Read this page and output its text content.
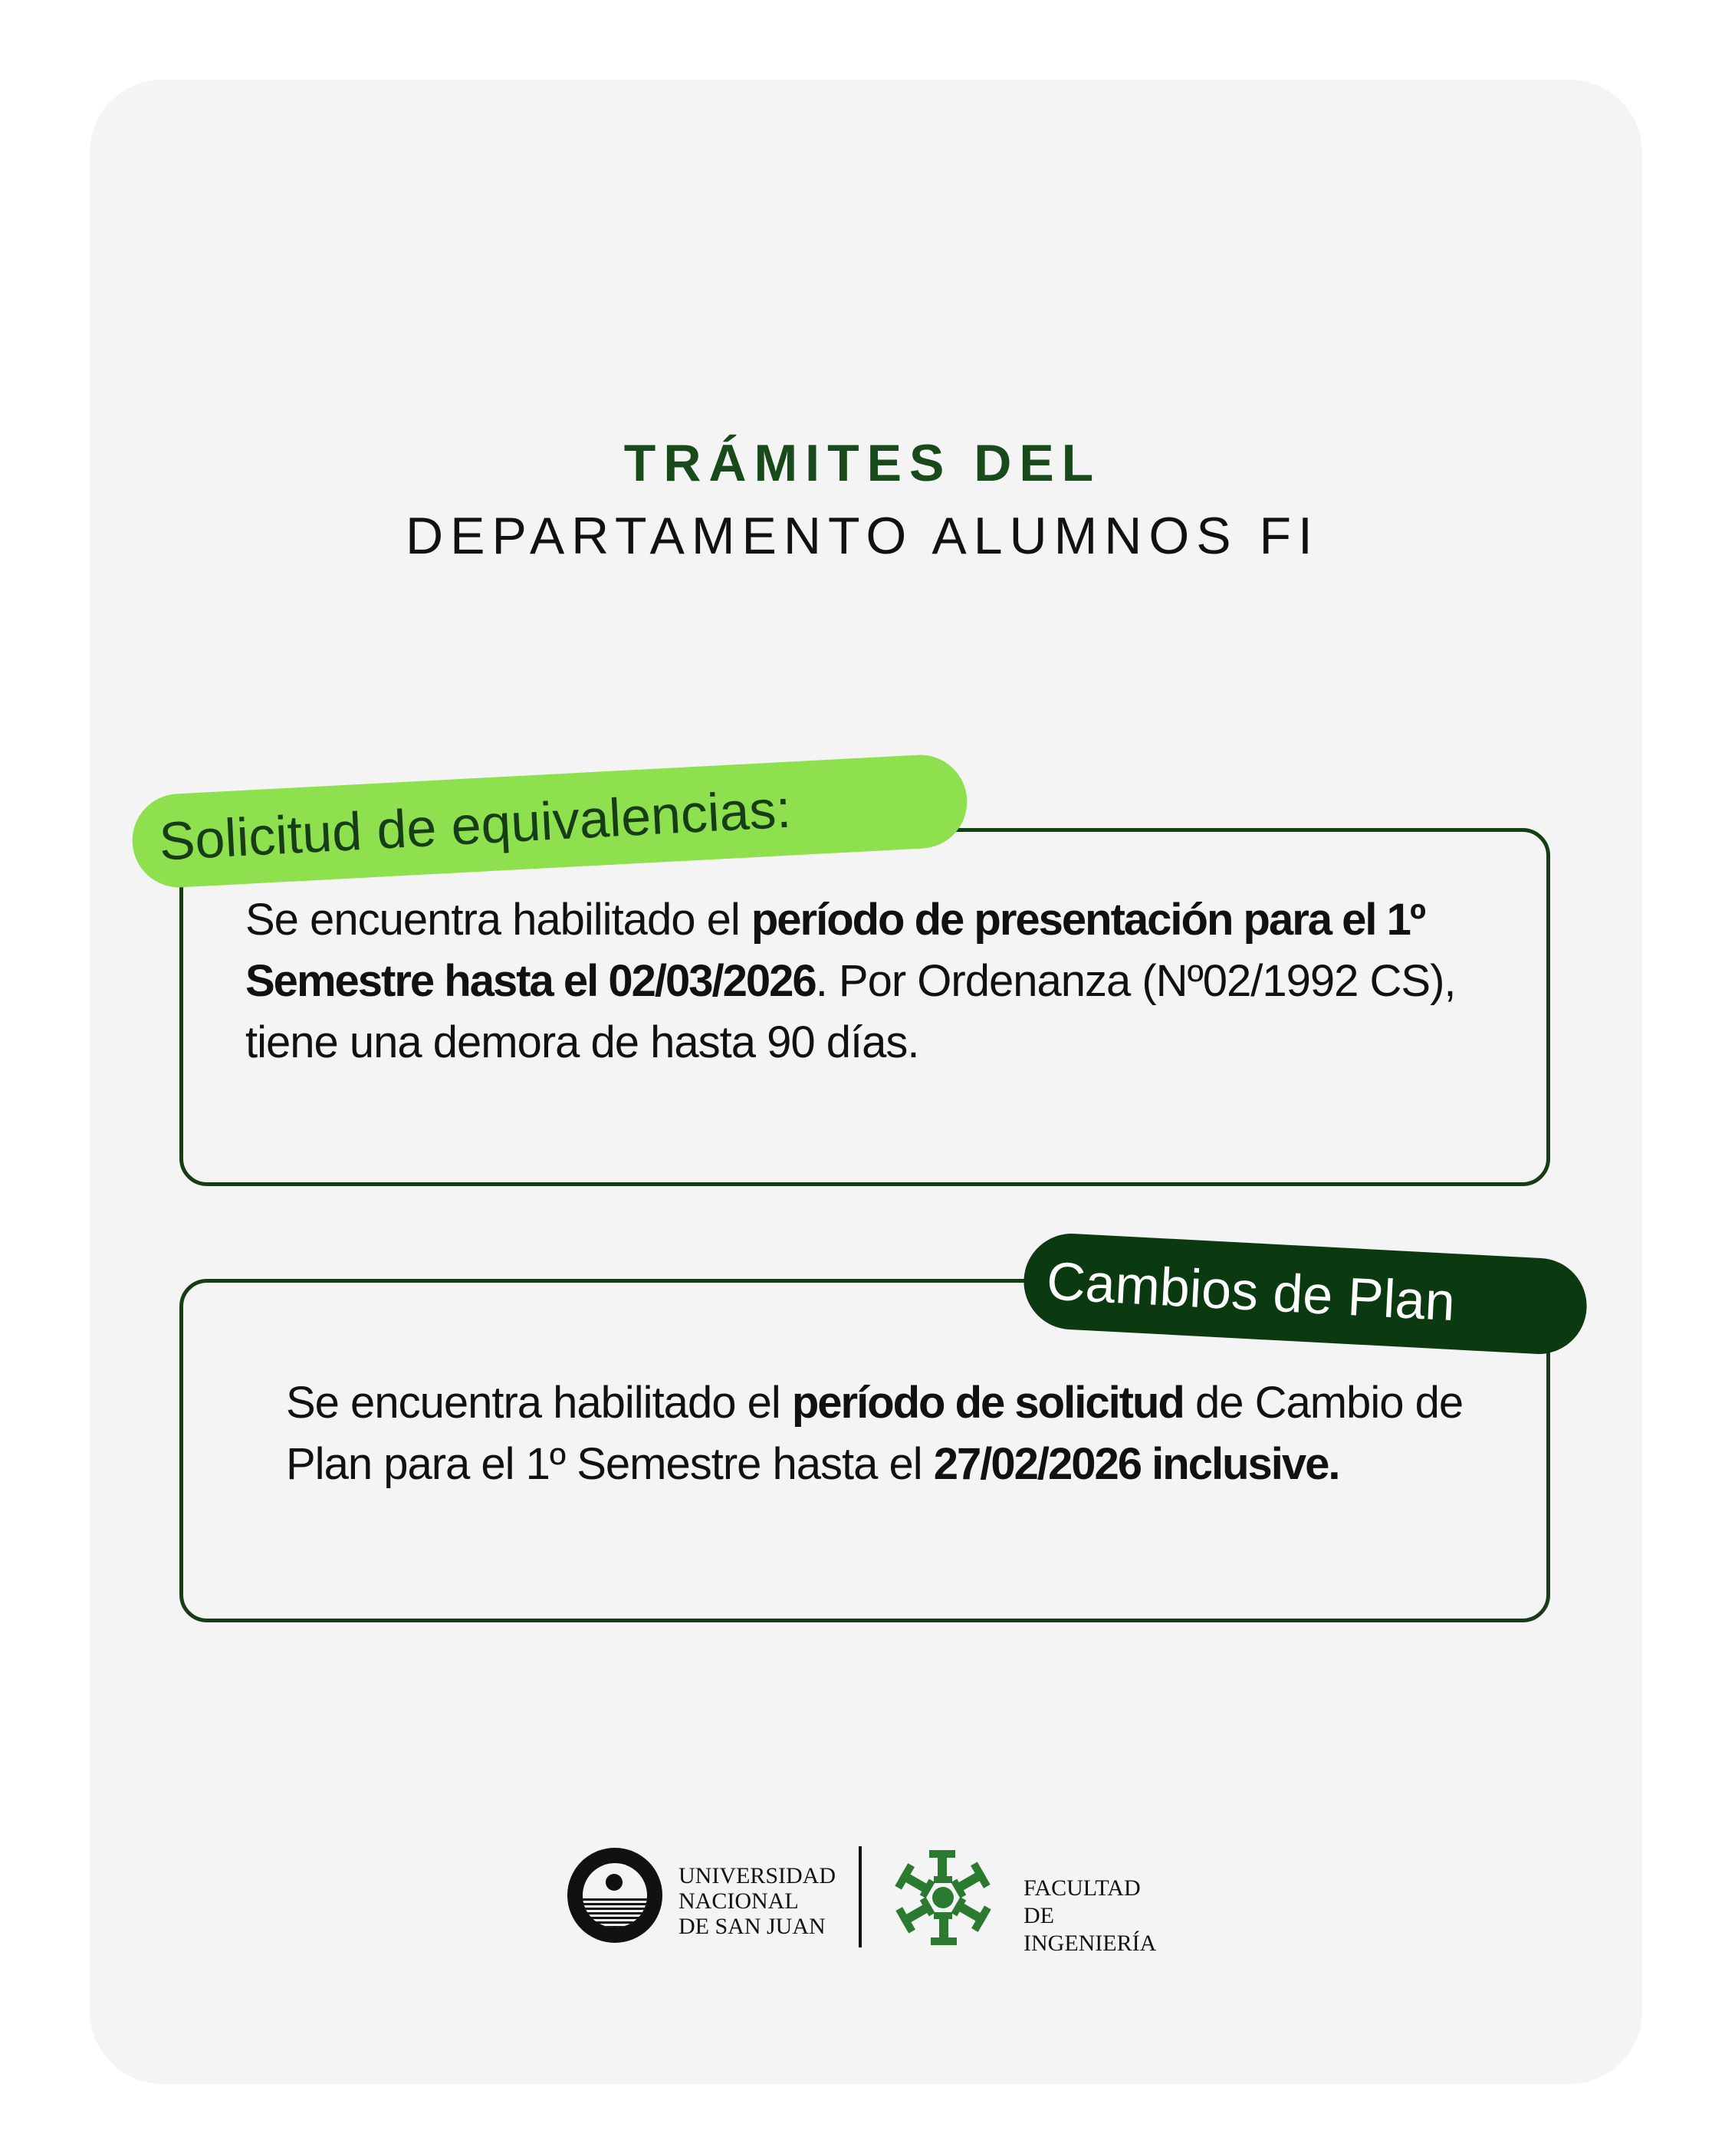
TRÁMITES DEL
DEPARTAMENTO ALUMNOS FI
Solicitud de equivalencias:
Se encuentra habilitado el período de presentación para el 1º Semestre hasta el 02/03/2026. Por Ordenanza (Nº02/1992 CS), tiene una demora de hasta 90 días.
Cambios de Plan
Se encuentra habilitado el período de solicitud de Cambio de Plan para el 1º Semestre hasta el 27/02/2026 inclusive.
UNIVERSIDAD
NACIONAL
DE SAN JUAN
FACULTAD DE
INGENIERÍA
